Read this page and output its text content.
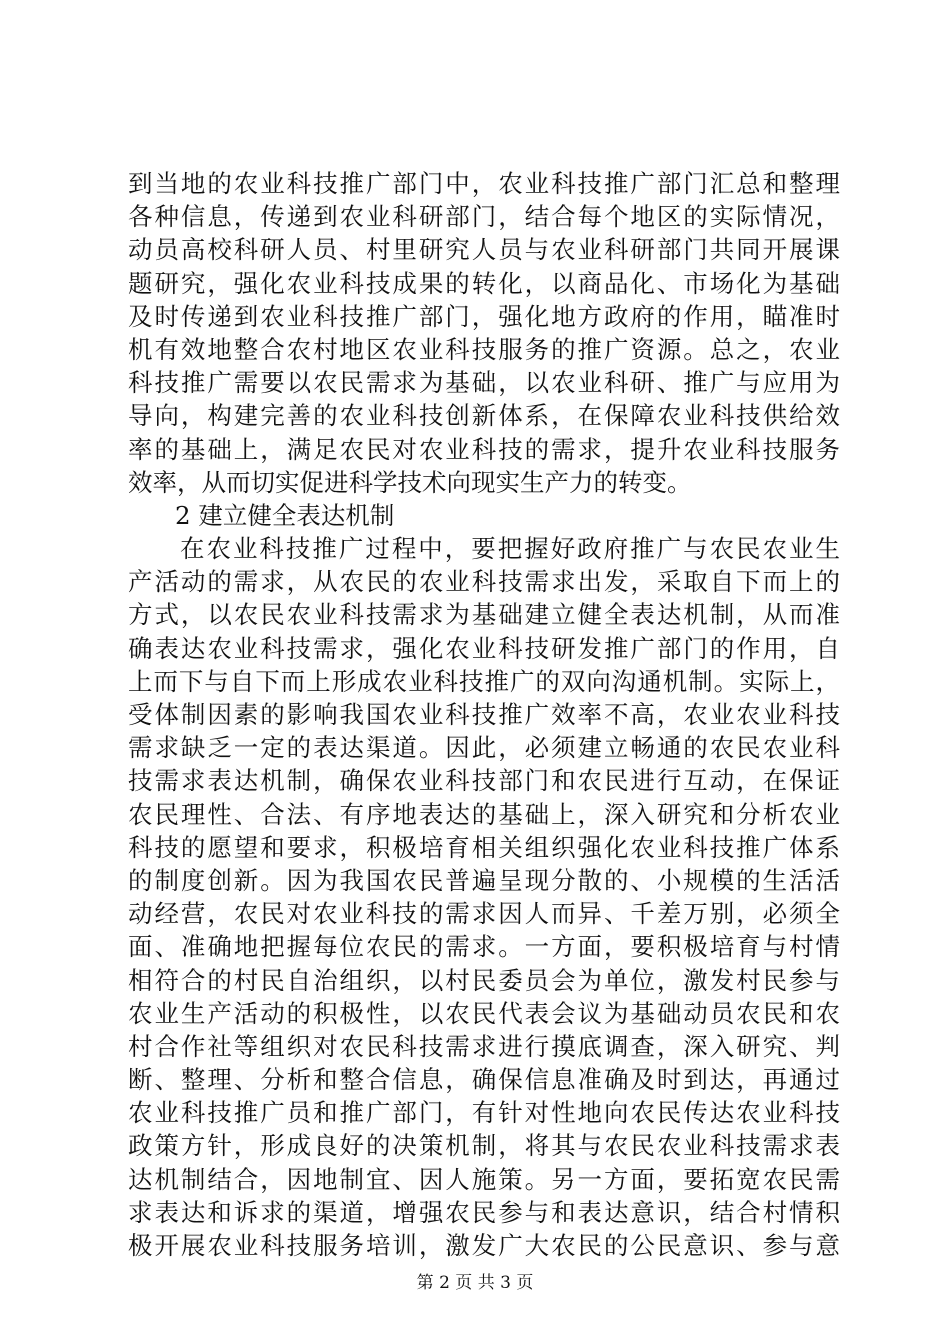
到当地的农业科技推广部门中，农业科技推广部门汇总和整理
各种信息，传递到农业科研部门，结合每个地区的实际情况，
动员高校科研人员、村里研究人员与农业科研部门共同开展课
题研究，强化农业科技成果的转化，以商品化、市场化为基础
及时传递到农业科技推广部门，强化地方政府的作用，瞄准时
机有效地整合农村地区农业科技服务的推广资源。总之，农业
科技推广需要以农民需求为基础，以农业科研、推广与应用为
导向，构建完善的农业科技创新体系，在保障农业科技供给效
率的基础上，满足农民对农业科技的需求，提升农业科技服务
效率，从而切实促进科学技术向现实生产力的转变。
2 建立健全表达机制
在农业科技推广过程中，要把握好政府推广与农民农业生
产活动的需求，从农民的农业科技需求出发，采取自下而上的
方式，以农民农业科技需求为基础建立健全表达机制，从而准
确表达农业科技需求，强化农业科技研发推广部门的作用，自
上而下与自下而上形成农业科技推广的双向沟通机制。实际上，
受体制因素的影响我国农业科技推广效率不高，农业农业科技
需求缺乏一定的表达渠道。因此，必须建立畅通的农民农业科
技需求表达机制，确保农业科技部门和农民进行互动，在保证
农民理性、合法、有序地表达的基础上，深入研究和分析农业
科技的愿望和要求，积极培育相关组织强化农业科技推广体系
的制度创新。因为我国农民普遍呈现分散的、小规模的生活活
动经营，农民对农业科技的需求因人而异、千差万别，必须全
面、准确地把握每位农民的需求。一方面，要积极培育与村情
相符合的村民自治组织，以村民委员会为单位，激发村民参与
农业生产活动的积极性，以农民代表会议为基础动员农民和农
村合作社等组织对农民科技需求进行摸底调查，深入研究、判
断、整理、分析和整合信息，确保信息准确及时到达，再通过
农业科技推广员和推广部门，有针对性地向农民传达农业科技
政策方针，形成良好的决策机制，将其与农民农业科技需求表
达机制结合，因地制宜、因人施策。另一方面，要拓宽农民需
求表达和诉求的渠道，增强农民参与和表达意识，结合村情积
极开展农业科技服务培训，激发广大农民的公民意识、参与意
第 2 页 共 3 页
